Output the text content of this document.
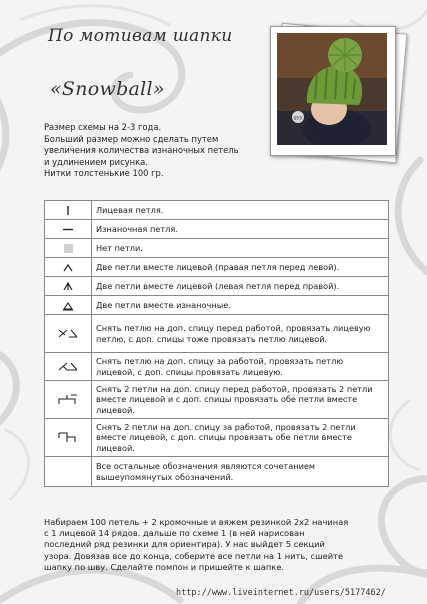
По мотивам шапки
«Snowball»
gyy
Размер схемы на 2-3 года.
Больший размер можно сделать путем
увеличения количества изнаночных петель
и удлинением рисунка.
Нитки толстенькие 100 гр.
	Лицевая петля.

	Изнаночная петля.

	Нет петли.

	Две петли вместе лицевой (правая петля перед левой).

	Две петли вместе лицевой (левая петля перед правой).

	Две петли вместе изнаночные.

	Снять петлю на доп. спицу перед работой, провязать лицевую петлю, с доп. спицы тоже провязать петлю лицевой.

	Снять петлю на доп. спицу за работой, провязать петлю лицевой, с доп. спицы провязать лицевую.

	Снять 2 петли на доп. спицу перед работой, провязать 2 петли вместе лицевой и с доп. спицы провязать обе петли вместе лицевой.

	Снять 2 петли на доп. спицу за работой, провязать 2 петли вместе лицевой, с доп. спицы провязать обе петли вместе лицевой.
	Все остальные обозначения являются сочетанием вышеупомянутых обозначений.
Набираем 100 петель + 2 кромочные и вяжем резинкой 2х2 начиная
с 1 лицевой 14 рядов. дальше по схеме 1 (в ней нарисован
последний ряд резинки для ориентира). У нас выйдет 5 секций
узора. Довязав все до конца, соберите все петли на 1 нить, сшейте
шапку по шву. Сделайте помпон и пришейте к шапке.
http://www.liveinternet.ru/users/5177462/
